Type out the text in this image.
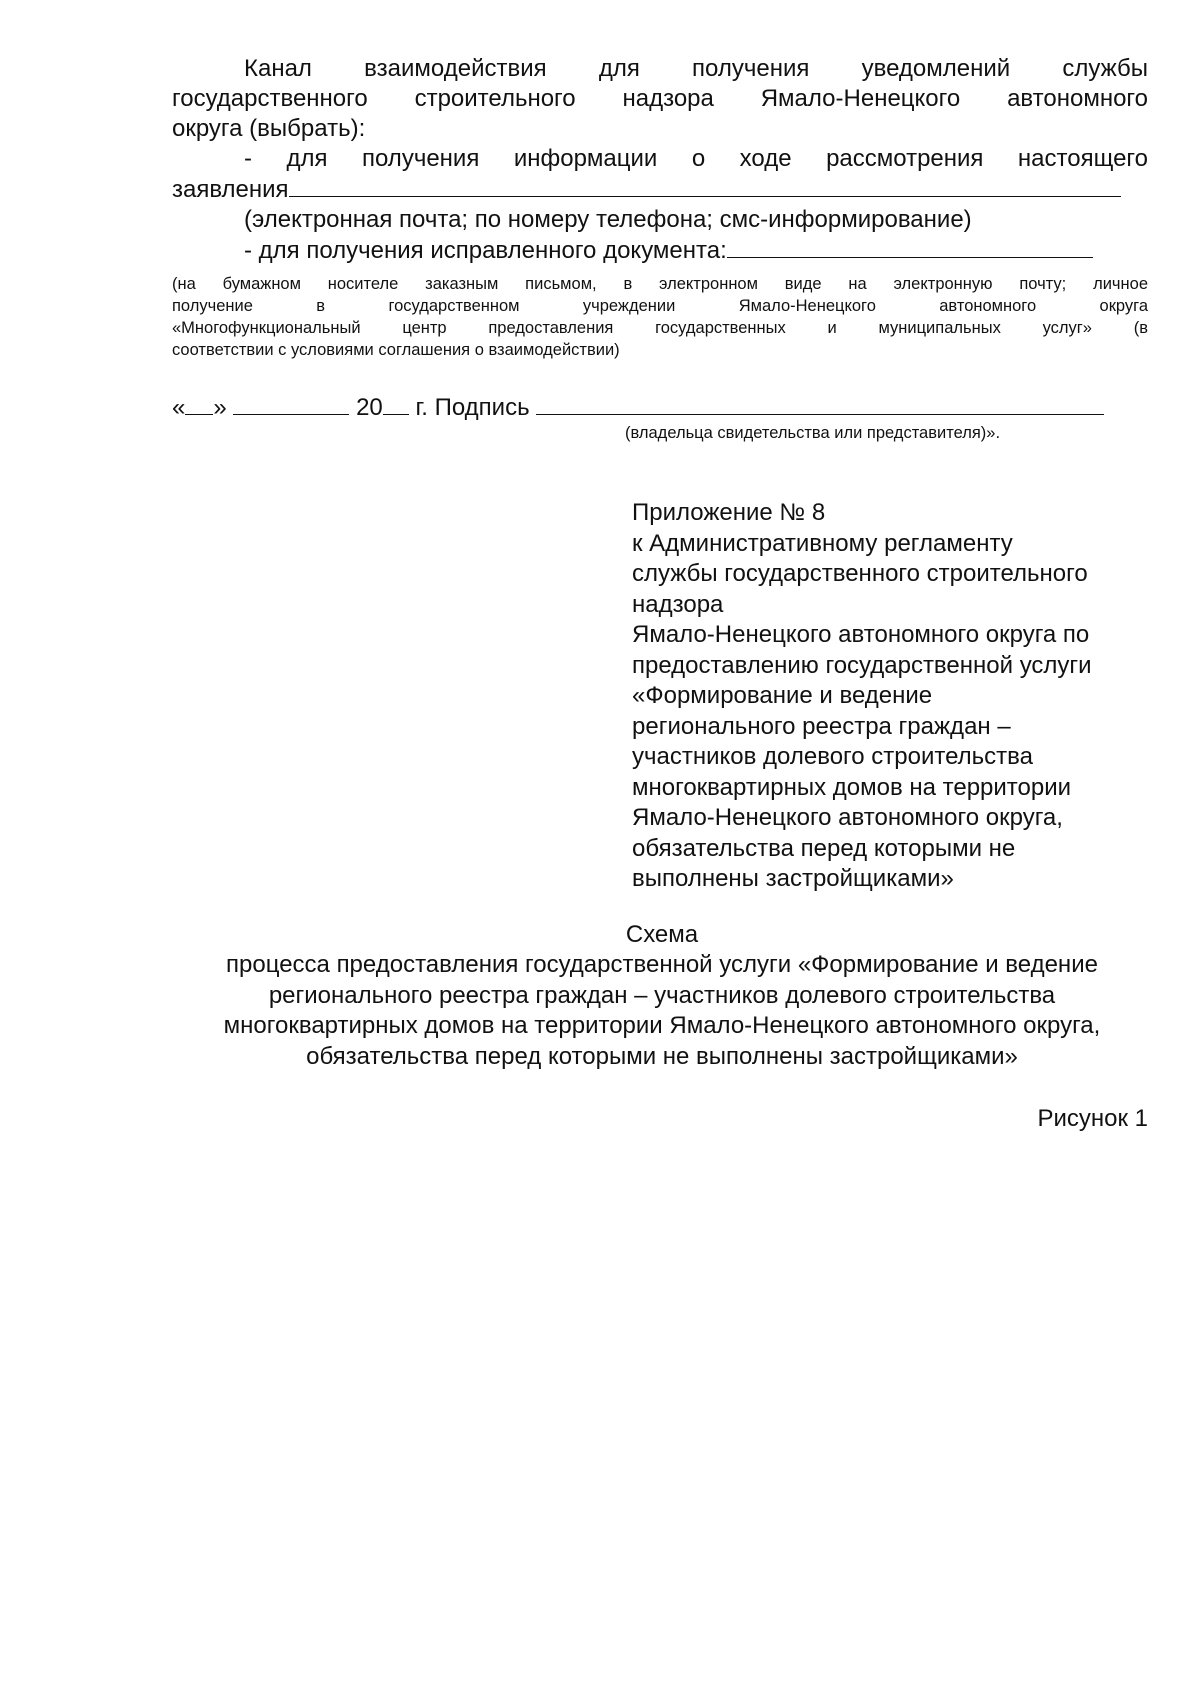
Канал взаимодействия для получения уведомлений службы
государственного строительного надзора Ямало-Ненецкого автономного
округа (выбрать):
- для получения информации о ходе рассмотрения настоящего
заявления
(электронная почта; по номеру телефона; смс-информирование)
- для получения исправленного документа:
(на бумажном носителе заказным письмом, в электронном виде на электронную почту; личное
получение в государственном учреждении Ямало-Ненецкого автономного округа
«Многофункциональный центр предоставления государственных и муниципальных услуг» (в
соответствии с условиями соглашения о взаимодействии)
« »	20 г. Подпись
(владельца свидетельства или представителя)».
Приложение № 8
к Административному регламенту
службы государственного строительного
надзора
Ямало-Ненецкого автономного округа по
предоставлению государственной услуги
«Формирование и ведение
регионального реестра граждан –
участников долевого строительства
многоквартирных домов на территории
Ямало-Ненецкого автономного округа,
обязательства перед которыми не
выполнены застройщиками»
Схема
процесса предоставления государственной услуги «Формирование и ведение
регионального реестра граждан – участников долевого строительства
многоквартирных домов на территории Ямало-Ненецкого автономного округа,
обязательства перед которыми не выполнены застройщиками»
Рисунок 1
